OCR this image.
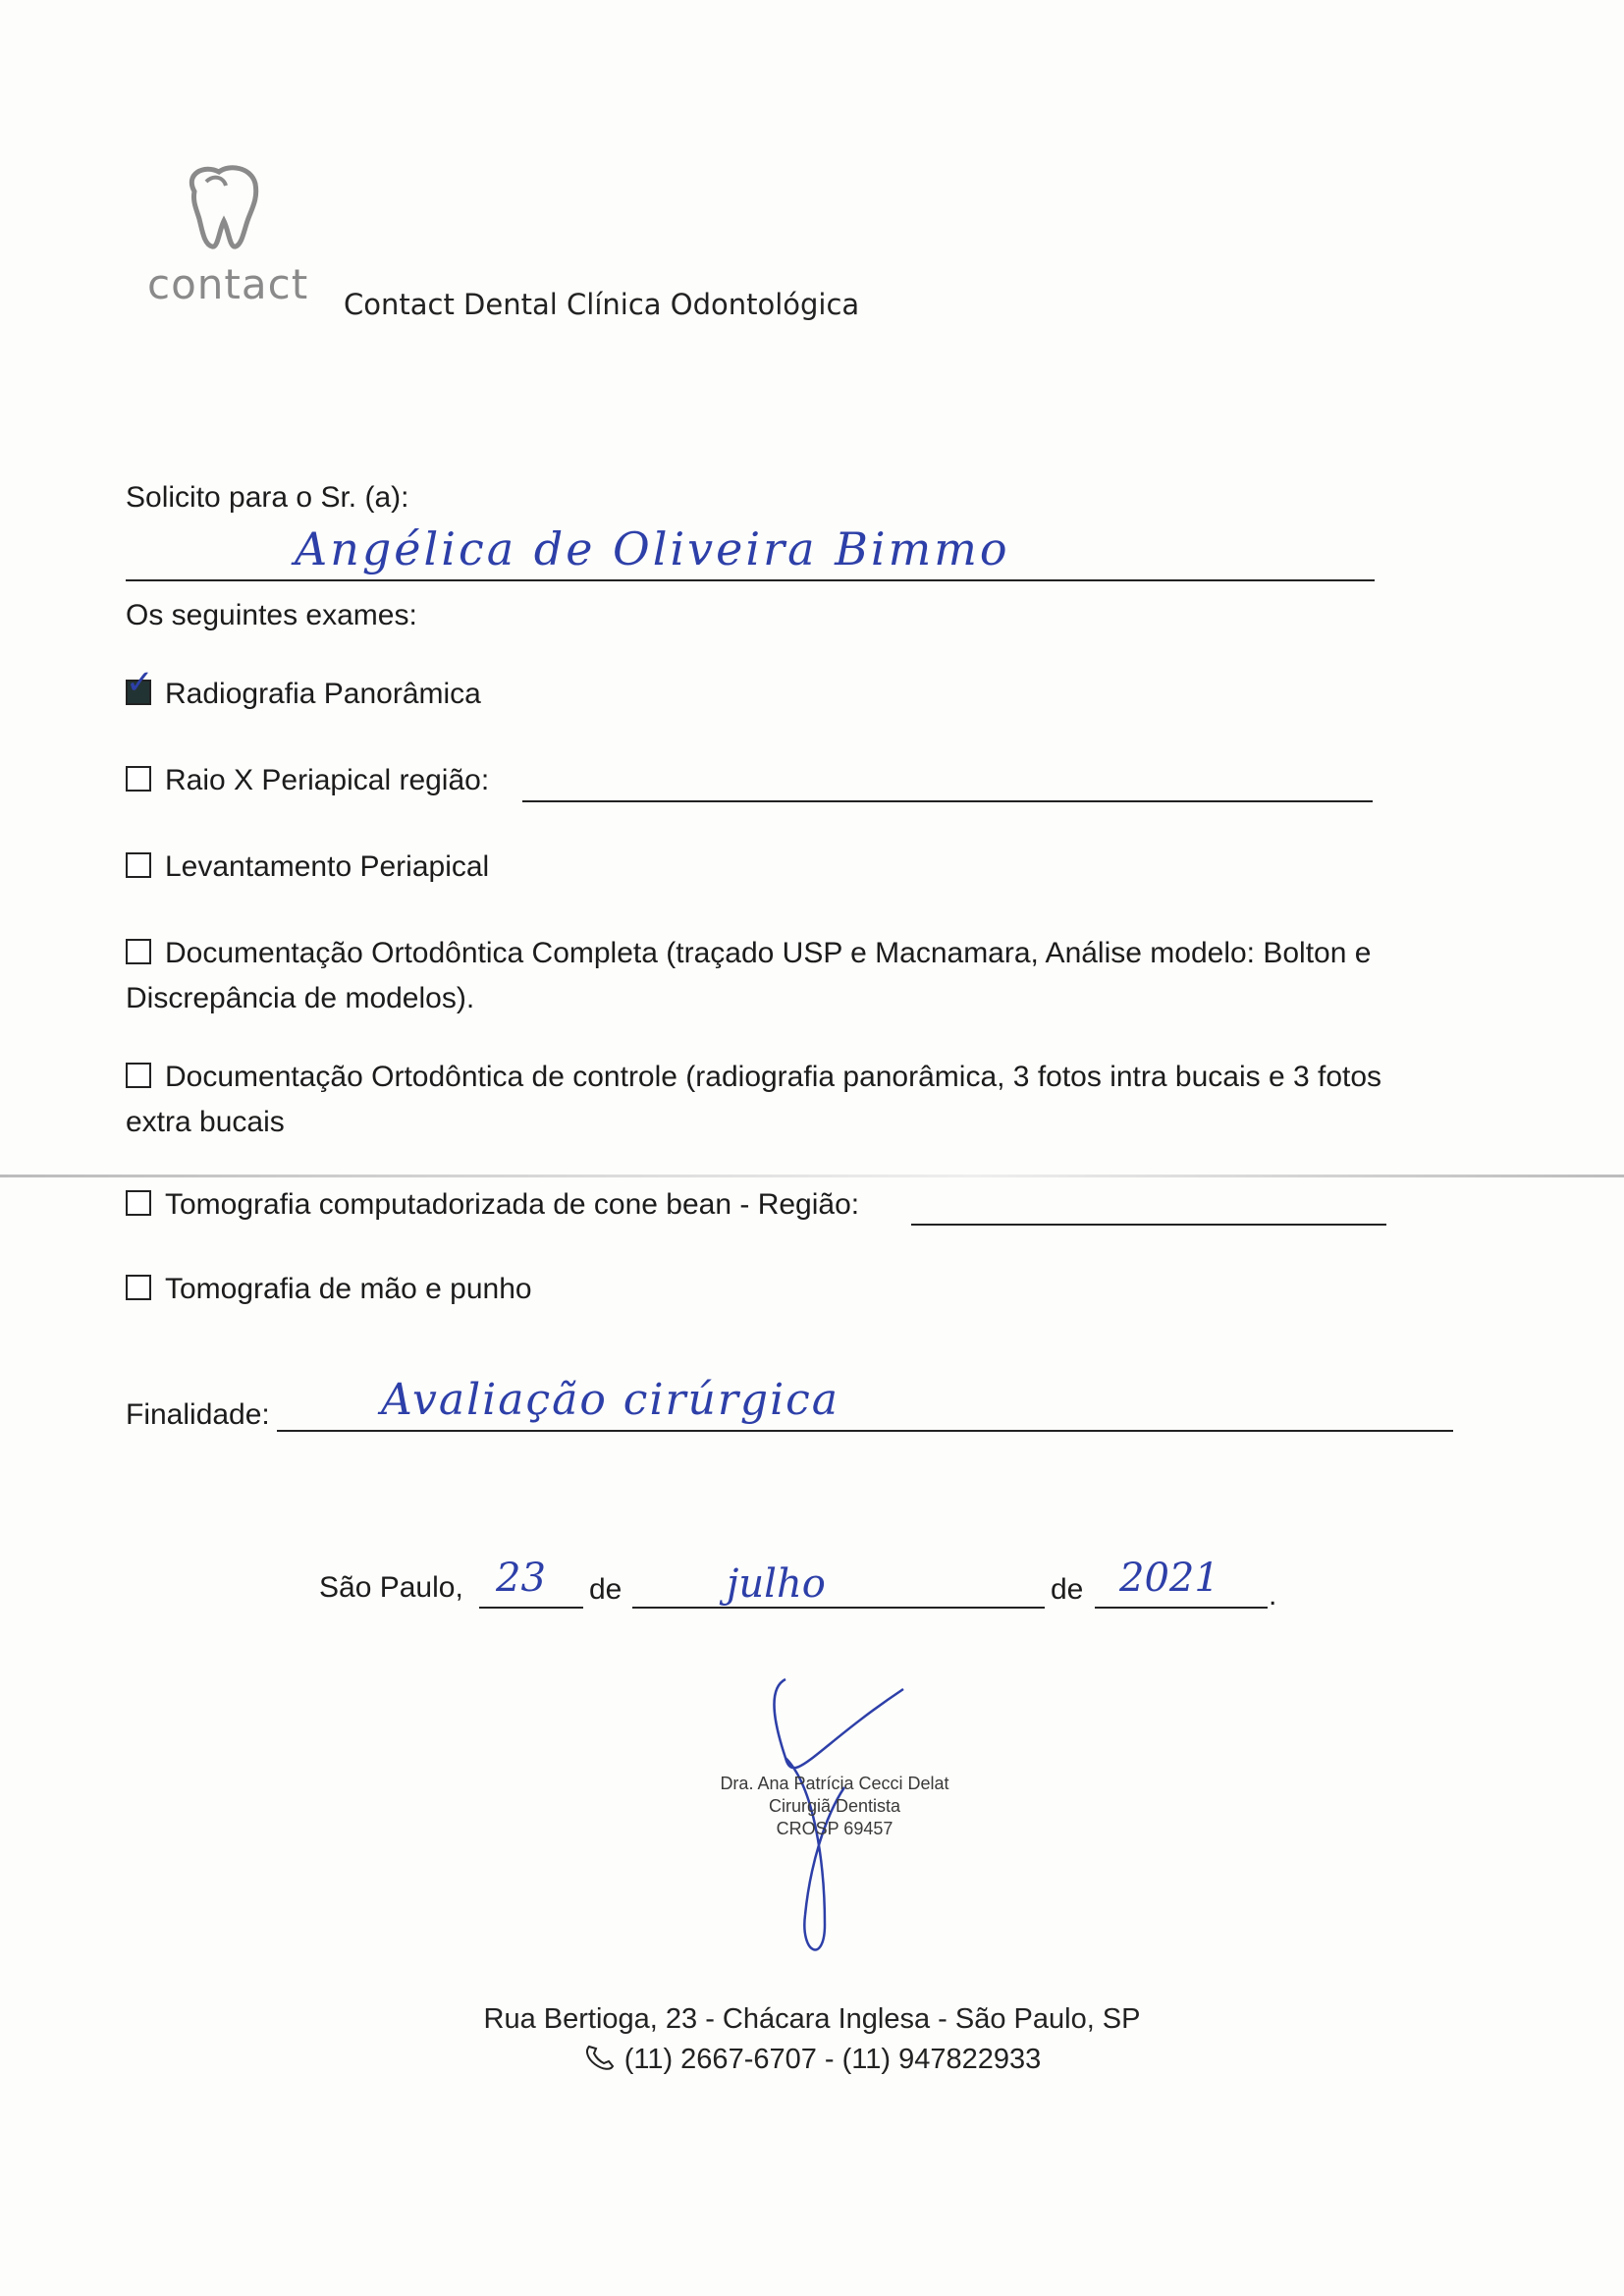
contact Contact Dental Clínica Odontológica
Solicito para o Sr. (a):
Angélica de Oliveira Bimmo
Os seguintes exames:
✓ Radiografia Panorâmica
Raio X Periapical região:
Levantamento Periapical
Documentação Ortodôntica Completa (traçado USP e Macnamara, Análise modelo: Bolton e
Discrepância de modelos).
Documentação Ortodôntica de controle (radiografia panorâmica, 3 fotos intra bucais e 3 fotos
extra bucais
Tomografia computadorizada de cone bean - Região:
Tomografia de mão e punho
Finalidade:	Avaliação cirúrgica
São Paulo, 23 de	julho	de 2021 .
Dra. Ana Patrícia Cecci Delat
Cirurgiã Dentista
CROSP 69457
Rua Bertioga, 23 - Chácara Inglesa - São Paulo, SP
(11) 2667-6707 - (11) 947822933
